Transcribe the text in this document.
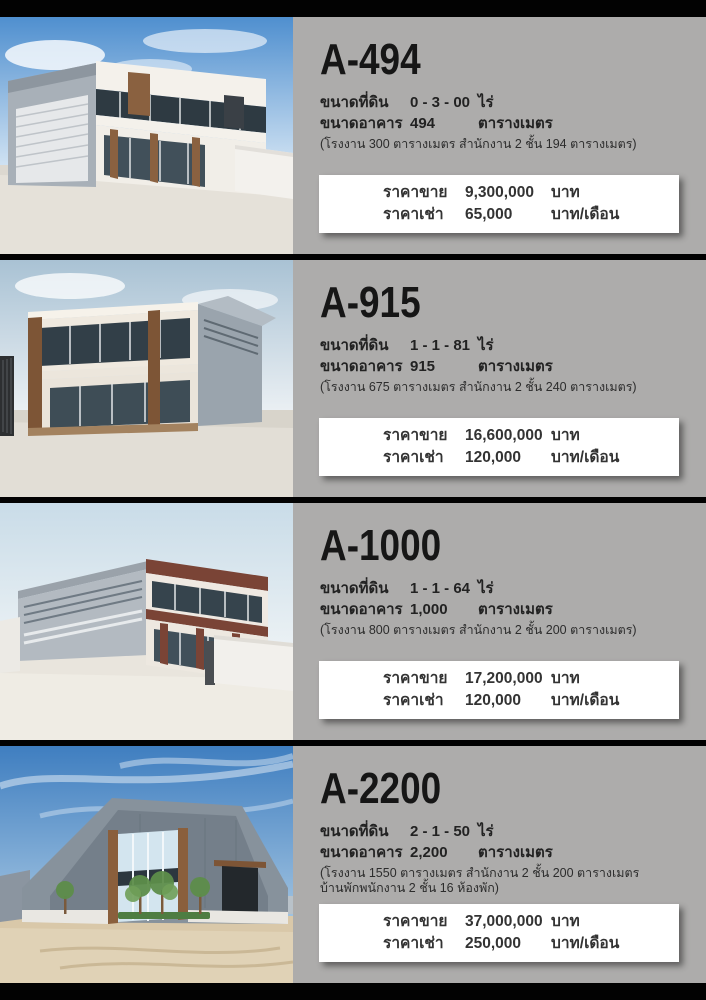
A-494
ขนาดที่ดิน	0 - 3 - 00 ไร่
ขนาดอาคาร 494	ตารางเมตร
(โรงงาน 300 ตารางเมตร สำนักงาน 2 ชั้น 194 ตารางเมตร)
ราคาขาย	9,300,000	บาท
ราคาเช่า	65,000	บาท/เดือน
A-915
ขนาดที่ดิน	1 - 1 - 81 ไร่
ขนาดอาคาร 915	ตารางเมตร
(โรงงาน 675 ตารางเมตร สำนักงาน 2 ชั้น 240 ตารางเมตร)
ราคาขาย	16,600,000 บาท
ราคาเช่า	120,000	บาท/เดือน
A-1000
ขนาดที่ดิน	1 - 1 - 64 ไร่
ขนาดอาคาร 1,000	ตารางเมตร
(โรงงาน 800 ตารางเมตร สำนักงาน 2 ชั้น 200 ตารางเมตร)
ราคาขาย	17,200,000 บาท
ราคาเช่า	120,000	บาท/เดือน
A-2200
ขนาดที่ดิน	2 - 1 - 50 ไร่
ขนาดอาคาร 2,200	ตารางเมตร
(โรงงาน 1550 ตารางเมตร สำนักงาน 2 ชั้น 200 ตารางเมตร
บ้านพักพนักงาน 2 ชั้น 16 ห้องพัก)
ราคาขาย	37,000,000 บาท
ราคาเช่า	250,000	บาท/เดือน
